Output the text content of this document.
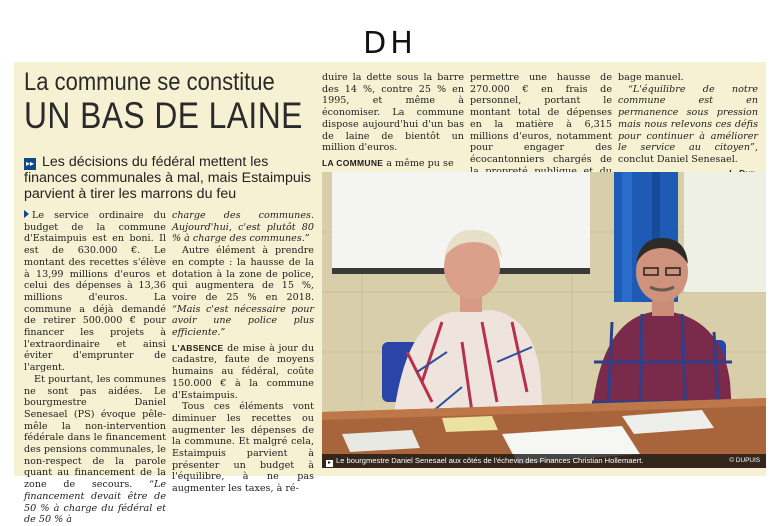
DH
La commune se constitue
UN BAS DE LAINE
▸▸ Les décisions du fédéral mettent les finances communales à mal, mais Estaimpuis parvient à tirer les marrons du feu

Le service ordinaire du budget de la commune d'Estaimpuis est en boni. Il est de 630.000 €. Le montant des recettes s'élève à 13,99 millions d'euros et celui des dépenses à 13,36 millions d'euros. La commune a déjà demandé de retirer 500.000 € pour financer les projets à l'extraordinaire et ainsi éviter d'emprunter de l'argent.

Et pourtant, les communes ne sont pas aidées. Le bourgmestre Daniel Senesael (PS) évoque pêle-mêle la non-intervention fédérale dans le financement des pensions communales, le non-respect de la parole quant au financement de la zone de secours. “Le financement devait être de 50 % à charge du fédéral et de 50 % à

charge des communes. Aujourd'hui, c'est plutôt 80 % à charge des communes.”

Autre élément à prendre en compte : la hausse de la dotation à la zone de police, qui augmentera de 15 %, voire de 25 % en 2018. “Mais c'est nécessaire pour avoir une police plus efficiente.”

L'ABSENCE de mise à jour du cadastre, faute de moyens humains au fédéral, coûte 150.000 € à la commune d'Estaimpuis.

Tous ces éléments vont diminuer les recettes ou augmenter les dépenses de la commune. Et malgré cela, Estaimpuis parvient à présenter un budget à l'équilibre, à ne pas augmenter les taxes, à ré-

duire la dette sous la barre des 14 %, contre 25 % en 1995, et même à économiser. La commune dispose aujourd'hui d'un bas de laine de bientôt un million d'euros.

LA COMMUNE a même pu se

permettre une hausse de 270.000 € en frais de personnel, portant le montant total de dépenses en la matière à 6,315 millions d'euros, notamment pour engager des écocantonniers chargés de

bage manuel.

“L'équilibre de notre commune est en permanence sous pression mais nous relevons ces défis pour continuer à améliorer le service au citoyen”, conclut Daniel Senesael.

▸ Le bourgmestre Daniel Senesael aux côtés de l'échevin des Finances Christian Hollemaert.	© DUPUIS
